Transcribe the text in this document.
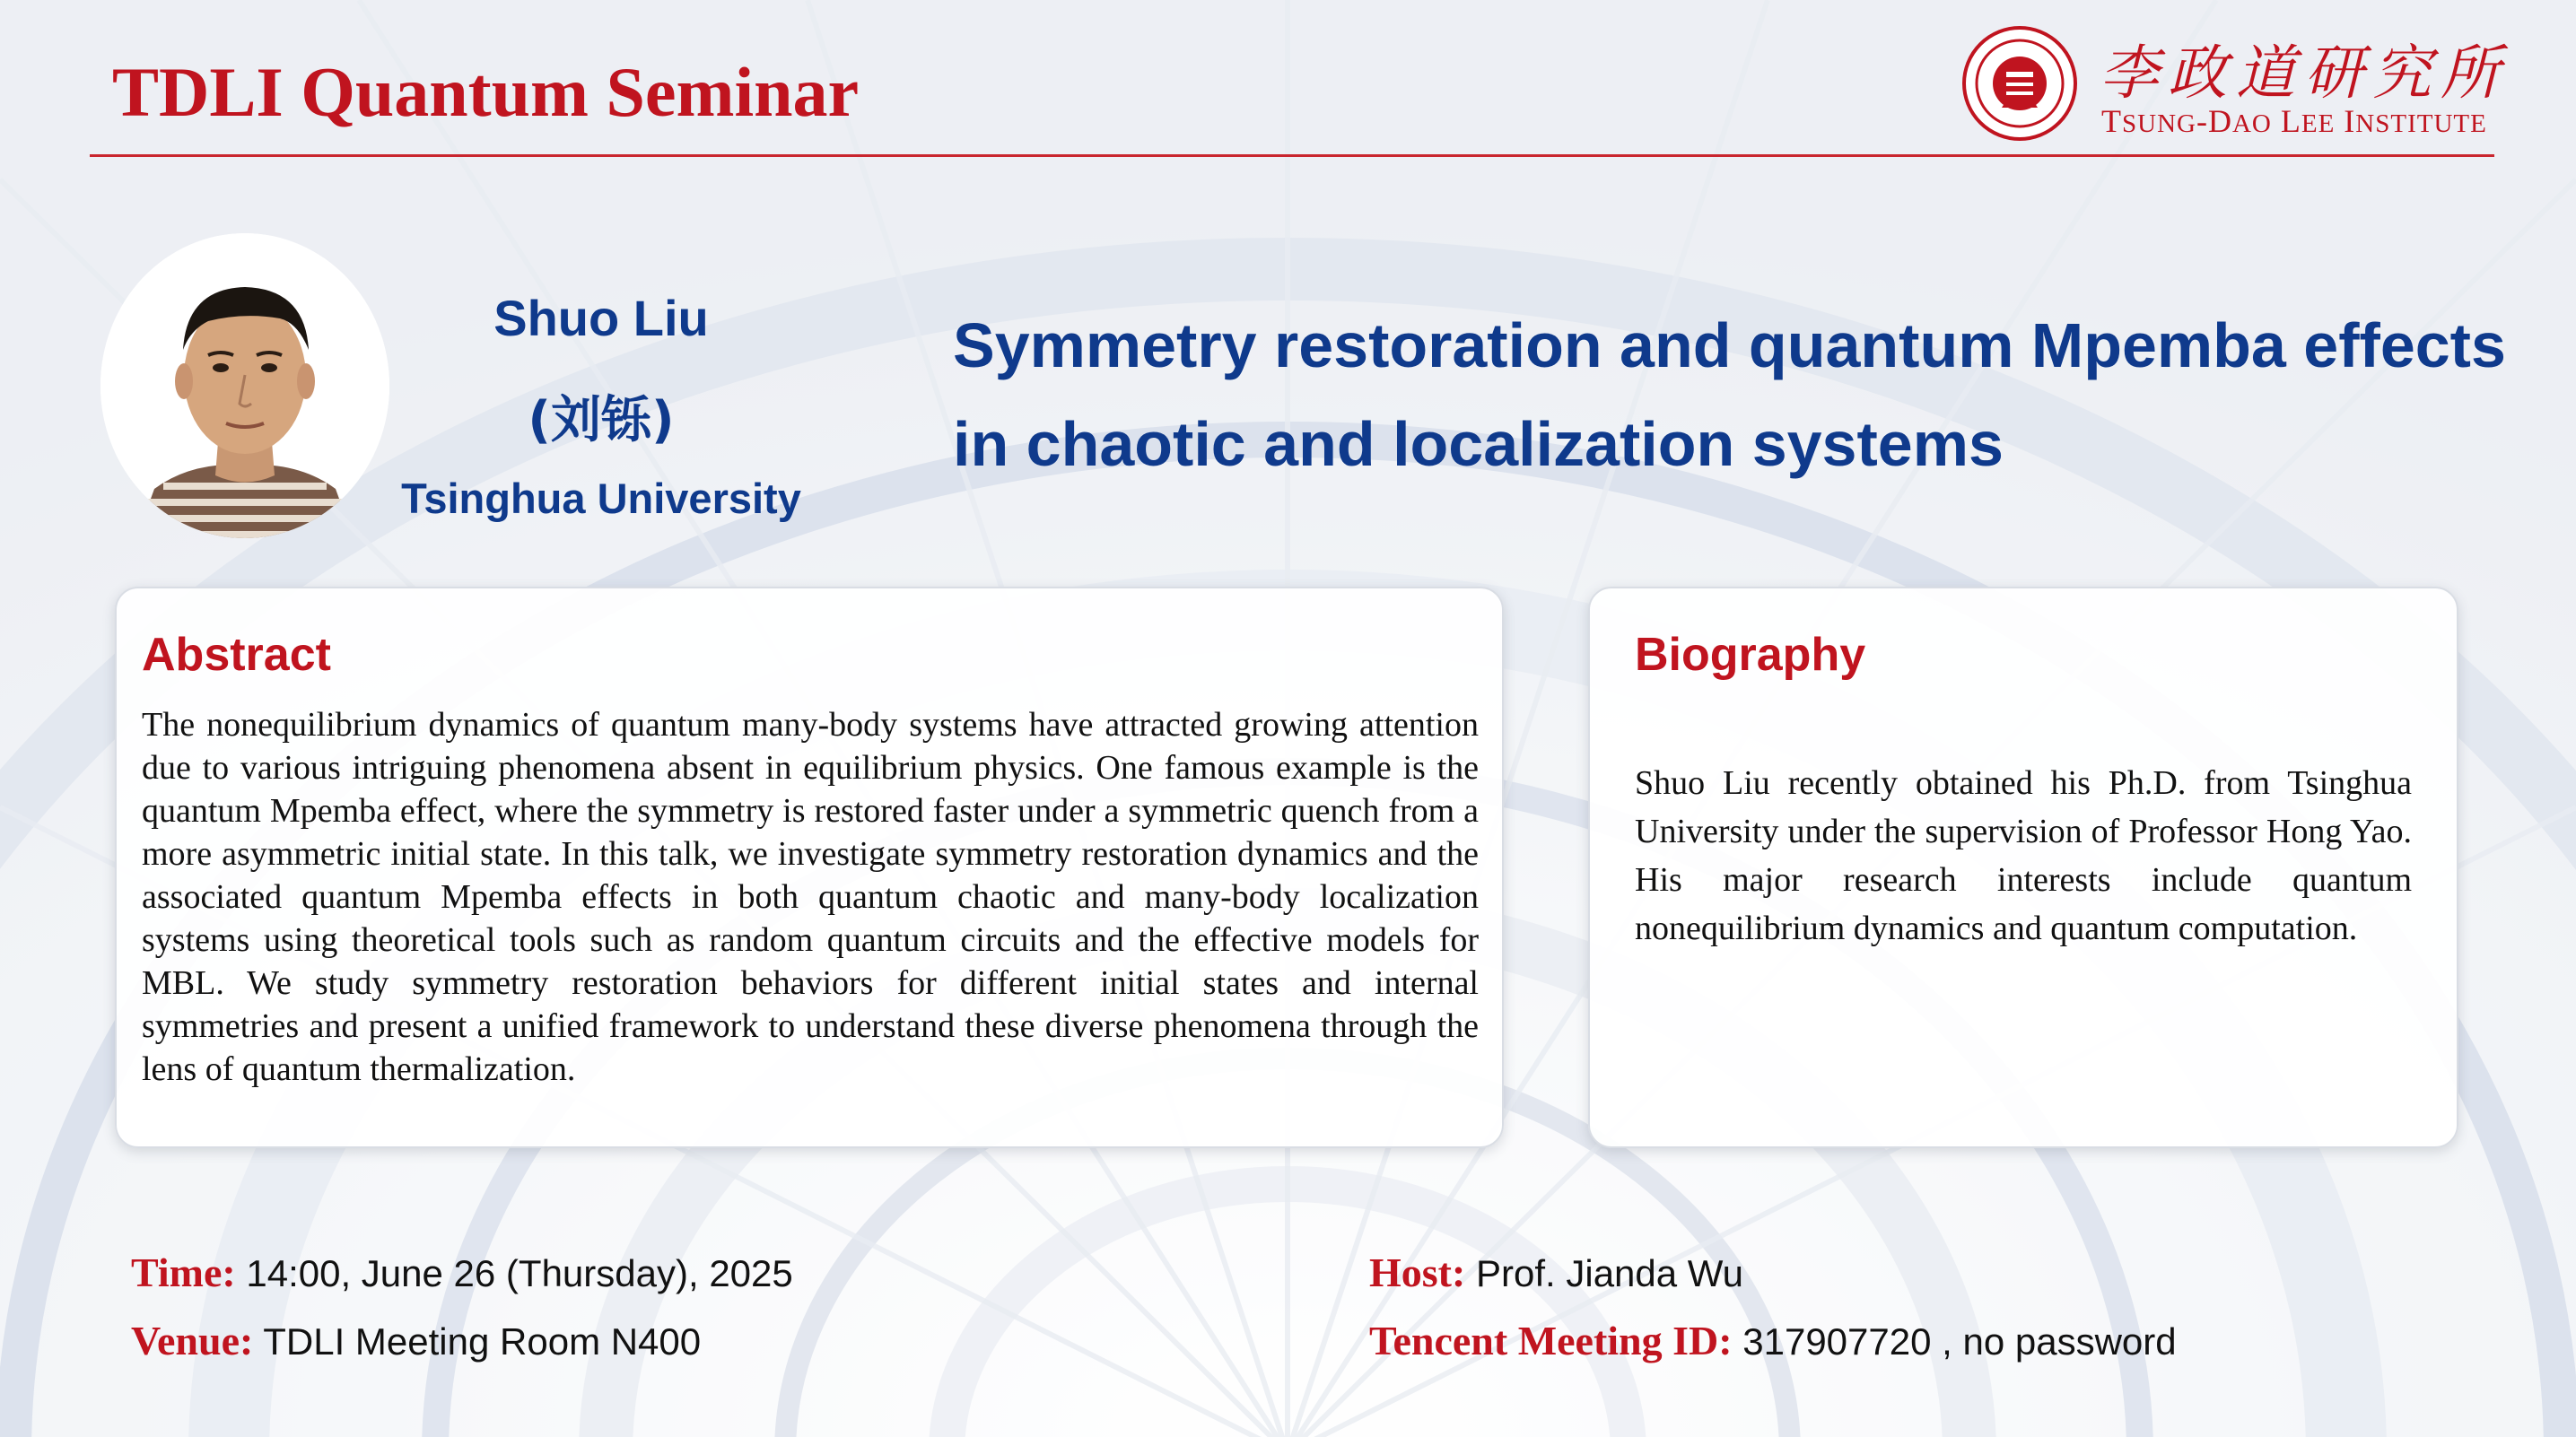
TDLI Quantum Seminar	李政道研究所
TSUNG-DAO LEE INSTITUTE
Shuo Liu
(刘铄)
Tsinghua University
Symmetry restoration and quantum Mpemba effects in chaotic and localization systems
Abstract
The nonequilibrium dynamics of quantum many-body systems have attracted growing attention due to various intriguing phenomena absent in equilibrium physics. One famous example is the quantum Mpemba effect, where the symmetry is restored faster under a symmetric quench from a more asymmetric initial state. In this talk, we investigate symmetry restoration dynamics and the associated quantum Mpemba effects in both quantum chaotic and many-body localization systems using theoretical tools such as random quantum circuits and the effective models for MBL. We study symmetry restoration behaviors for different initial states and internal symmetries and present a unified framework to understand these diverse phenomena through the lens of quantum thermalization.
Biography
Shuo Liu recently obtained his Ph.D. from Tsinghua University under the supervision of Professor Hong Yao. His major research interests include quantum nonequilibrium dynamics and quantum computation.
Time: 14:00, June 26 (Thursday), 2025
Venue: TDLI Meeting Room N400
Host: Prof. Jianda Wu
Tencent Meeting ID: 317907720 , no password
